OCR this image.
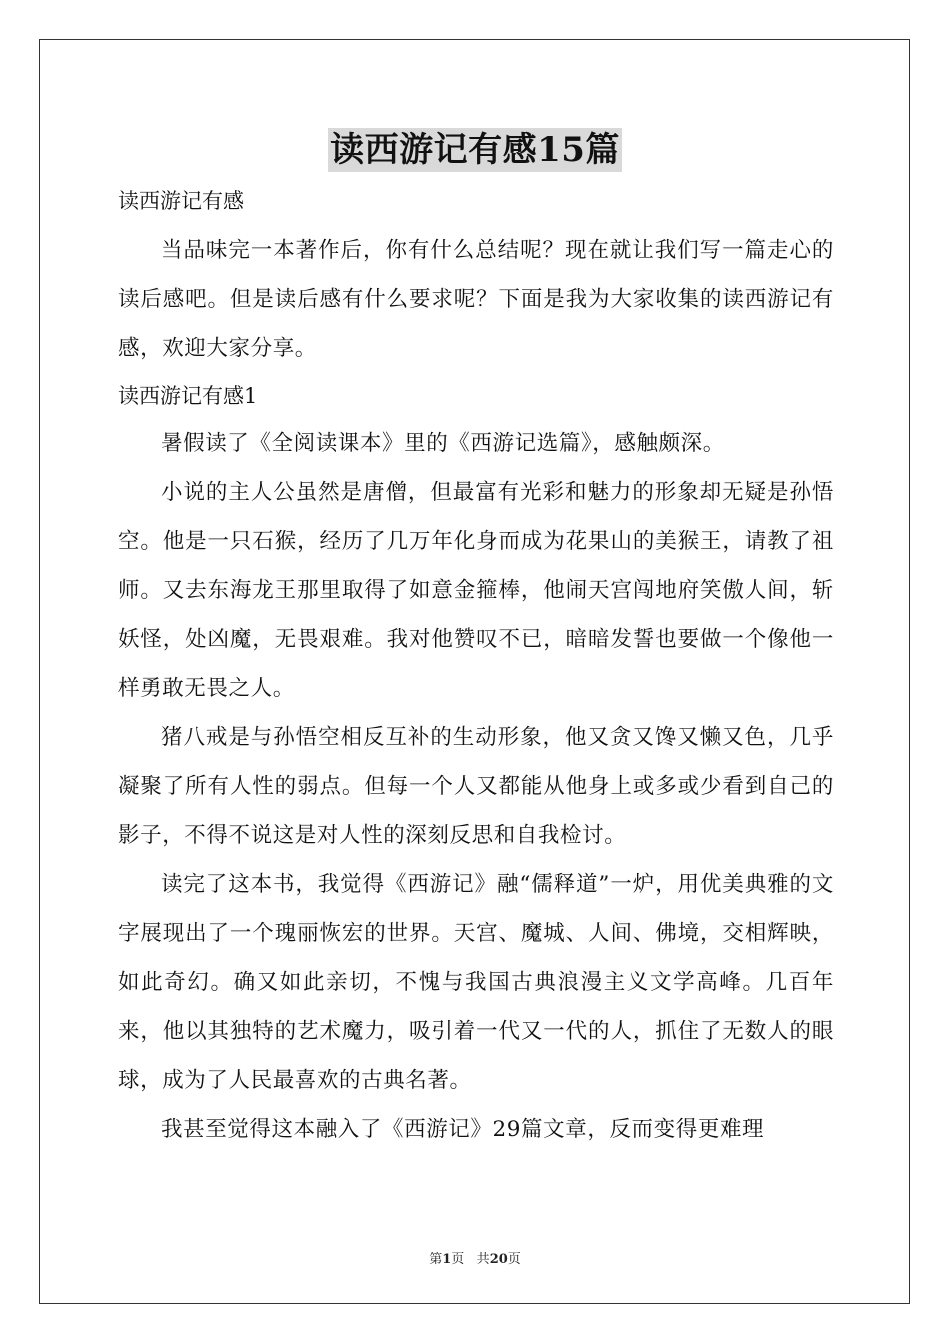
读西游记有感15篇

读西游记有感

当品味完一本著作后，你有什么总结呢？现在就让我们写一篇走心的读后感吧。但是读后感有什么要求呢？下面是我为大家收集的读西游记有感，欢迎大家分享。

读西游记有感1

暑假读了《全阅读课本》里的《西游记选篇》，感触颇深。

小说的主人公虽然是唐僧，但最富有光彩和魅力的形象却无疑是孙悟空。他是一只石猴，经历了几万年化身而成为花果山的美猴王，请教了祖师。又去东海龙王那里取得了如意金箍棒，他闹天宫闯地府笑傲人间，斩妖怪，处凶魔，无畏艰难。我对他赞叹不已，暗暗发誓也要做一个像他一样勇敢无畏之人。

猪八戒是与孙悟空相反互补的生动形象，他又贪又馋又懒又色，几乎凝聚了所有人性的弱点。但每一个人又都能从他身上或多或少看到自己的影子，不得不说这是对人性的深刻反思和自我检讨。

读完了这本书，我觉得《西游记》融“儒释道”一炉，用优美典雅的文字展现出了一个瑰丽恢宏的世界。天宫、魔城、人间、佛境，交相辉映，如此奇幻。确又如此亲切，不愧与我国古典浪漫主义文学高峰。几百年来，他以其独特的艺术魔力，吸引着一代又一代的人，抓住了无数人的眼球，成为了人民最喜欢的古典名著。

我甚至觉得这本融入了《西游记》29篇文章，反而变得更难理

第1页 共20页
